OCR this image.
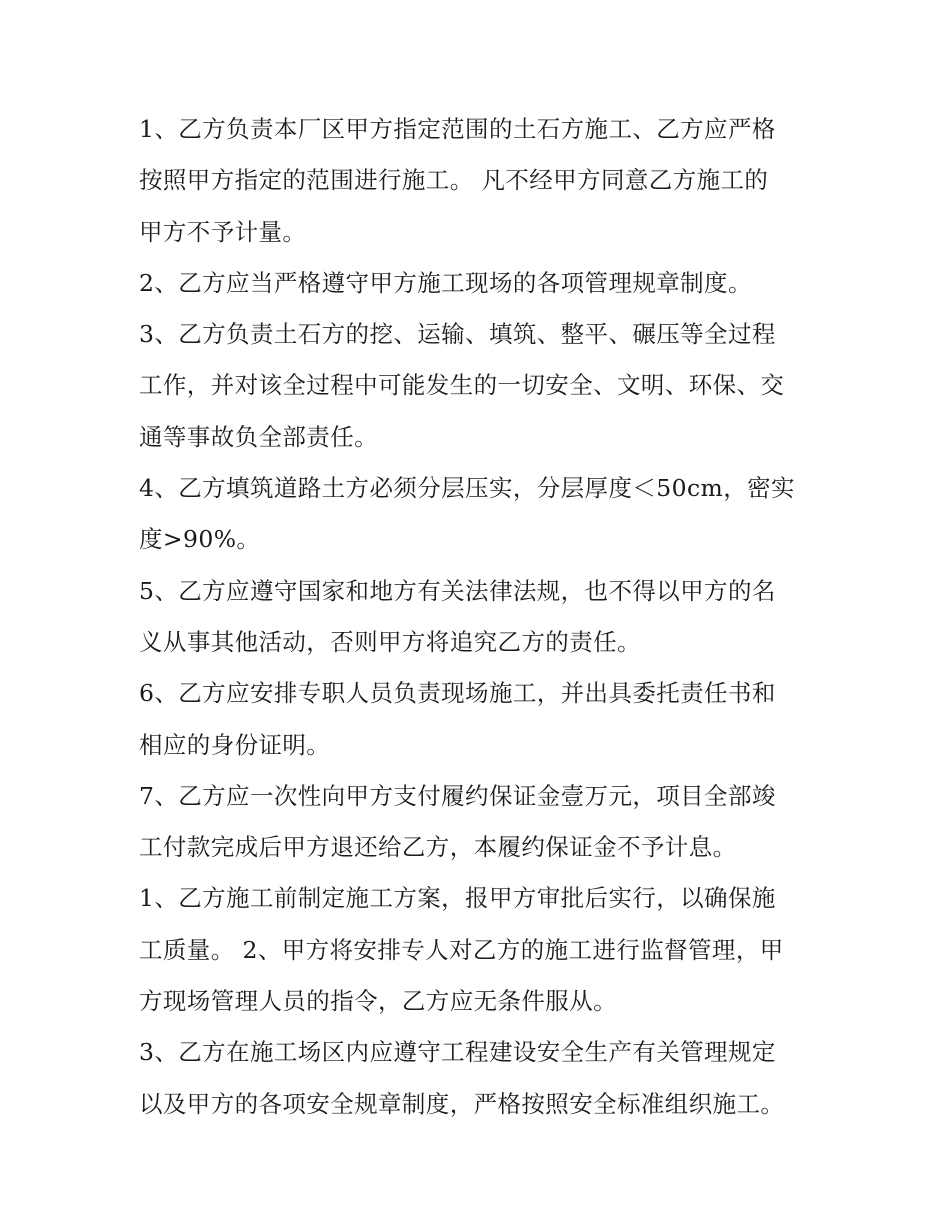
1、乙方负责本厂区甲方指定范围的土石方施工、乙方应严格
按照甲方指定的范围进行施工。 凡不经甲方同意乙方施工的
甲方不予计量。
2、乙方应当严格遵守甲方施工现场的各项管理规章制度。
3、乙方负责土石方的挖、运输、填筑、整平、碾压等全过程
工作，并对该全过程中可能发生的一切安全、文明、环保、交
通等事故负全部责任。
4、乙方填筑道路土方必须分层压实，分层厚度＜50cm，密实
度>90%。
5、乙方应遵守国家和地方有关法律法规，也不得以甲方的名
义从事其他活动，否则甲方将追究乙方的责任。
6、乙方应安排专职人员负责现场施工，并出具委托责任书和
相应的身份证明。
7、乙方应一次性向甲方支付履约保证金壹万元，项目全部竣
工付款完成后甲方退还给乙方，本履约保证金不予计息。
1、乙方施工前制定施工方案，报甲方审批后实行，以确保施
工质量。 2、甲方将安排专人对乙方的施工进行监督管理，甲
方现场管理人员的指令，乙方应无条件服从。
3、乙方在施工场区内应遵守工程建设安全生产有关管理规定
以及甲方的各项安全规章制度，严格按照安全标准组织施工。
